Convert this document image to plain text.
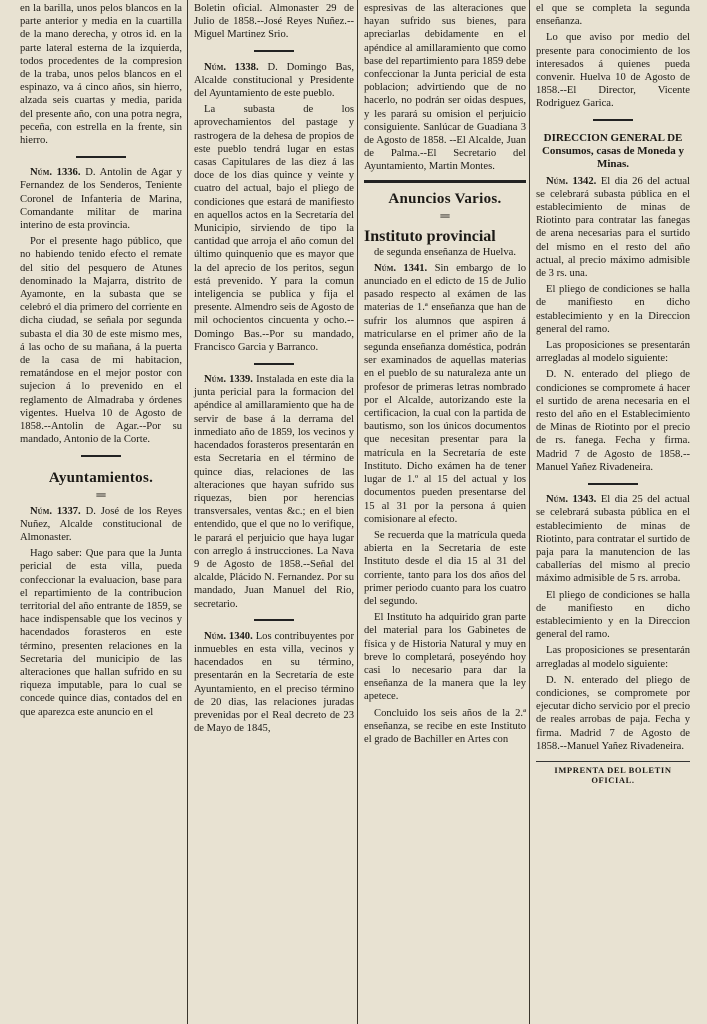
en la barilla, unos pelos blancos en la parte anterior y media en la cuartilla de la mano derecha, y otros id. en la parte lateral esterna de la izquierda, todos procedentes de la compresion de la traba, unos pelos blancos en el espinazo, va á cinco años, sin hierro, alzada seis cuartas y media, parida del presente año, con una potra negra, peceña, con estrella en la frente, sin hierro.

Núm. 1336. D. Antolin de Agar y Fernandez de los Senderos, Teniente Coronel de Infanteria de Marina, Comandante militar de marina interino de esta provincia.

Por el presente hago público, que no habiendo tenido efecto el remate del sitio del pesquero de Atunes denominado la Majarra, distrito de Ayamonte, en la subasta que se celebró el dia primero del corriente en dicha ciudad, se señala por segunda subasta el dia 30 de este mismo mes, á las ocho de su mañana, á la puerta de la casa de mi habitacion, rematándose en el mejor postor con sujecion á lo prevenido en el reglamento de Almadraba y órdenes vigentes. Huelva 10 de Agosto de 1858.--Antolin de Agar.--Por su mandado, Antonio de la Corte.

Ayuntamientos.
═

Núm. 1337. D. José de los Reyes Nuñez, Alcalde constitucional de Almonaster.

Hago saber: Que para que la Junta pericial de esta villa, pueda confeccionar la evaluacion, base para el repartimiento de la contribucion territorial del año entrante de 1859, se hace indispensable que los vecinos y hacendados forasteros en este término, presenten relaciones en la Secretaria del municipio de las alteraciones que hallan sufrido en su riqueza imputable, para lo cual se concede quince dias, contados del en que aparezca este anuncio en el

Boletin oficial. Almonaster 29 de Julio de 1858.--José Reyes Nuñez.--Miguel Martinez Srio.

Núm. 1338. D. Domingo Bas, Alcalde constitucional y Presidente del Ayuntamiento de este pueblo.

La subasta de los aprovechamientos del pastage y rastrogera de la dehesa de propios de este pueblo tendrá lugar en estas casas Capitulares de las diez á las doce de los dias quince y veinte y cuatro del actual, bajo el pliego de condiciones que estará de manifiesto en aquellos actos en la Secretaría del Municipio, sirviendo de tipo la cantidad que arroja el año comun del último quinquenio que es mayor que la del aprecio de los peritos, segun está prevenido. Y para la comun inteligencia se publica y fija el presente. Almendro seis de Agosto de mil ochocientos cincuenta y ocho.--Domingo Bas.--Por su mandado, Francisco Garcia y Barranco.

Núm. 1339. Instalada en este dia la junta pericial para la formacion del apéndice al amillaramiento que ha de servir de base á la derrama del inmediato año de 1859, los vecinos y hacendados forasteros presentarán en esta Secretaria en el término de quince dias, relaciones de las alteraciones que hayan sufrido sus riquezas, bien por herencias transversales, ventas &c.; en el bien entendido, que el que no lo verifique, le parará el perjuicio que haya lugar con arreglo á instrucciones. La Nava 9 de Agosto de 1858.--Señal del alcalde, Plácido N. Fernandez. Por su mandado, Juan Manuel del Rio, secretario.

Núm. 1340. Los contribuyentes por inmuebles en esta villa, vecinos y hacendados en su término, presentarán en la Secretaría de este Ayuntamiento, en el preciso término de 20 dias, las relaciones juradas prevenidas por el Real decreto de 23 de Mayo de 1845,

espresivas de las alteraciones que hayan sufrido sus bienes, para apreciarlas debidamente en el apéndice al amillaramiento que como base del repartimiento para 1859 debe confeccionar la Junta pericial de esta poblacion; advirtiendo que de no hacerlo, no podrán ser oidas despues, y les parará su omision el perjuicio consiguiente. Sanlúcar de Guadiana 3 de Agosto de 1858. --El Alcalde, Juan de Palma.--El Secretario del Ayuntamiento, Martin Montes.

Anuncios Varios.
═
Instituto provincial

de segunda enseñanza de Huelva.

Núm. 1341. Sin embargo de lo anunciado en el edicto de 15 de Julio pasado respecto al exámen de las materias de 1.ª enseñanza que han de sufrir los alumnos que aspiren á matricularse en el primer año de la segunda enseñanza doméstica, podrán ser examinados de aquellas materias en el pueblo de su naturaleza ante un profesor de primeras letras nombrado por el Alcalde, autorizando este la certificacion, la cual con la partida de bautismo, son los únicos documentos que necesitan presentar para la matrícula en la Secretaría de este Instituto. Dicho exámen ha de tener lugar de 1.º al 15 del actual y los documentos pueden presentarse del 15 al 31 por la persona á quien comisionare al efecto.

Se recuerda que la matrícula queda abierta en la Secretaria de este Instituto desde el dia 15 al 31 del corriente, tanto para los dos años del primer periodo cuanto para los cuatro del segundo.

El Instituto ha adquirido gran parte del material para los Gabinetes de física y de Historia Natural y muy en breve lo completará, poseyéndo hoy casi lo necesario para dar la enseñanza de la manera que la ley apetece.

Concluido los seis años de la 2.ª enseñanza, se recibe en este Instituto el grado de Bachiller en Artes con

el que se completa la segunda enseñanza.

Lo que aviso por medio del presente para conocimiento de los interesados á quienes pueda convenir. Huelva 10 de Agosto de 1858.--El Director, Vicente Rodriguez Garica.

DIRECCION GENERAL DE Consumos, casas de Moneda y Minas.

Núm. 1342. El dia 26 del actual se celebrará subasta pública en el establecimiento de minas de Riotinto para contratar las fanegas de arena necesarias para el surtido del mismo en el resto del año actual, al precio máximo admisible de 3 rs. una.

El pliego de condiciones se halla de manifiesto en dicho establecimiento y en la Direccion general del ramo.

Las proposiciones se presentarán arregladas al modelo siguiente:

D. N. enterado del pliego de condiciones se compromete á hacer el surtido de arena necesaria en el resto del año en el Establecimiento de Minas de Riotinto por el precio de rs. fanega. Fecha y firma. Madrid 7 de Agosto de 1858.--Manuel Yañez Rivadeneira.

Núm. 1343. El dia 25 del actual se celebrará subasta pública en el establecimiento de minas de Riotinto, para contratar el surtido de paja para la manutencion de las caballerías del mismo al precio máximo admisible de 5 rs. arroba.

El pliego de condiciones se halla de manifiesto en dicho establecimiento y en la Direccion general del ramo.

Las proposiciones se presentarán arregladas al modelo siguiente:

D. N. enterado del pliego de condiciones, se compromete por ejecutar dicho servicio por el precio de reales arrobas de paja. Fecha y firma. Madrid 7 de Agosto de 1858.--Manuel Yañez Rivadeneira.

IMPRENTA DEL BOLETIN OFICIAL.
